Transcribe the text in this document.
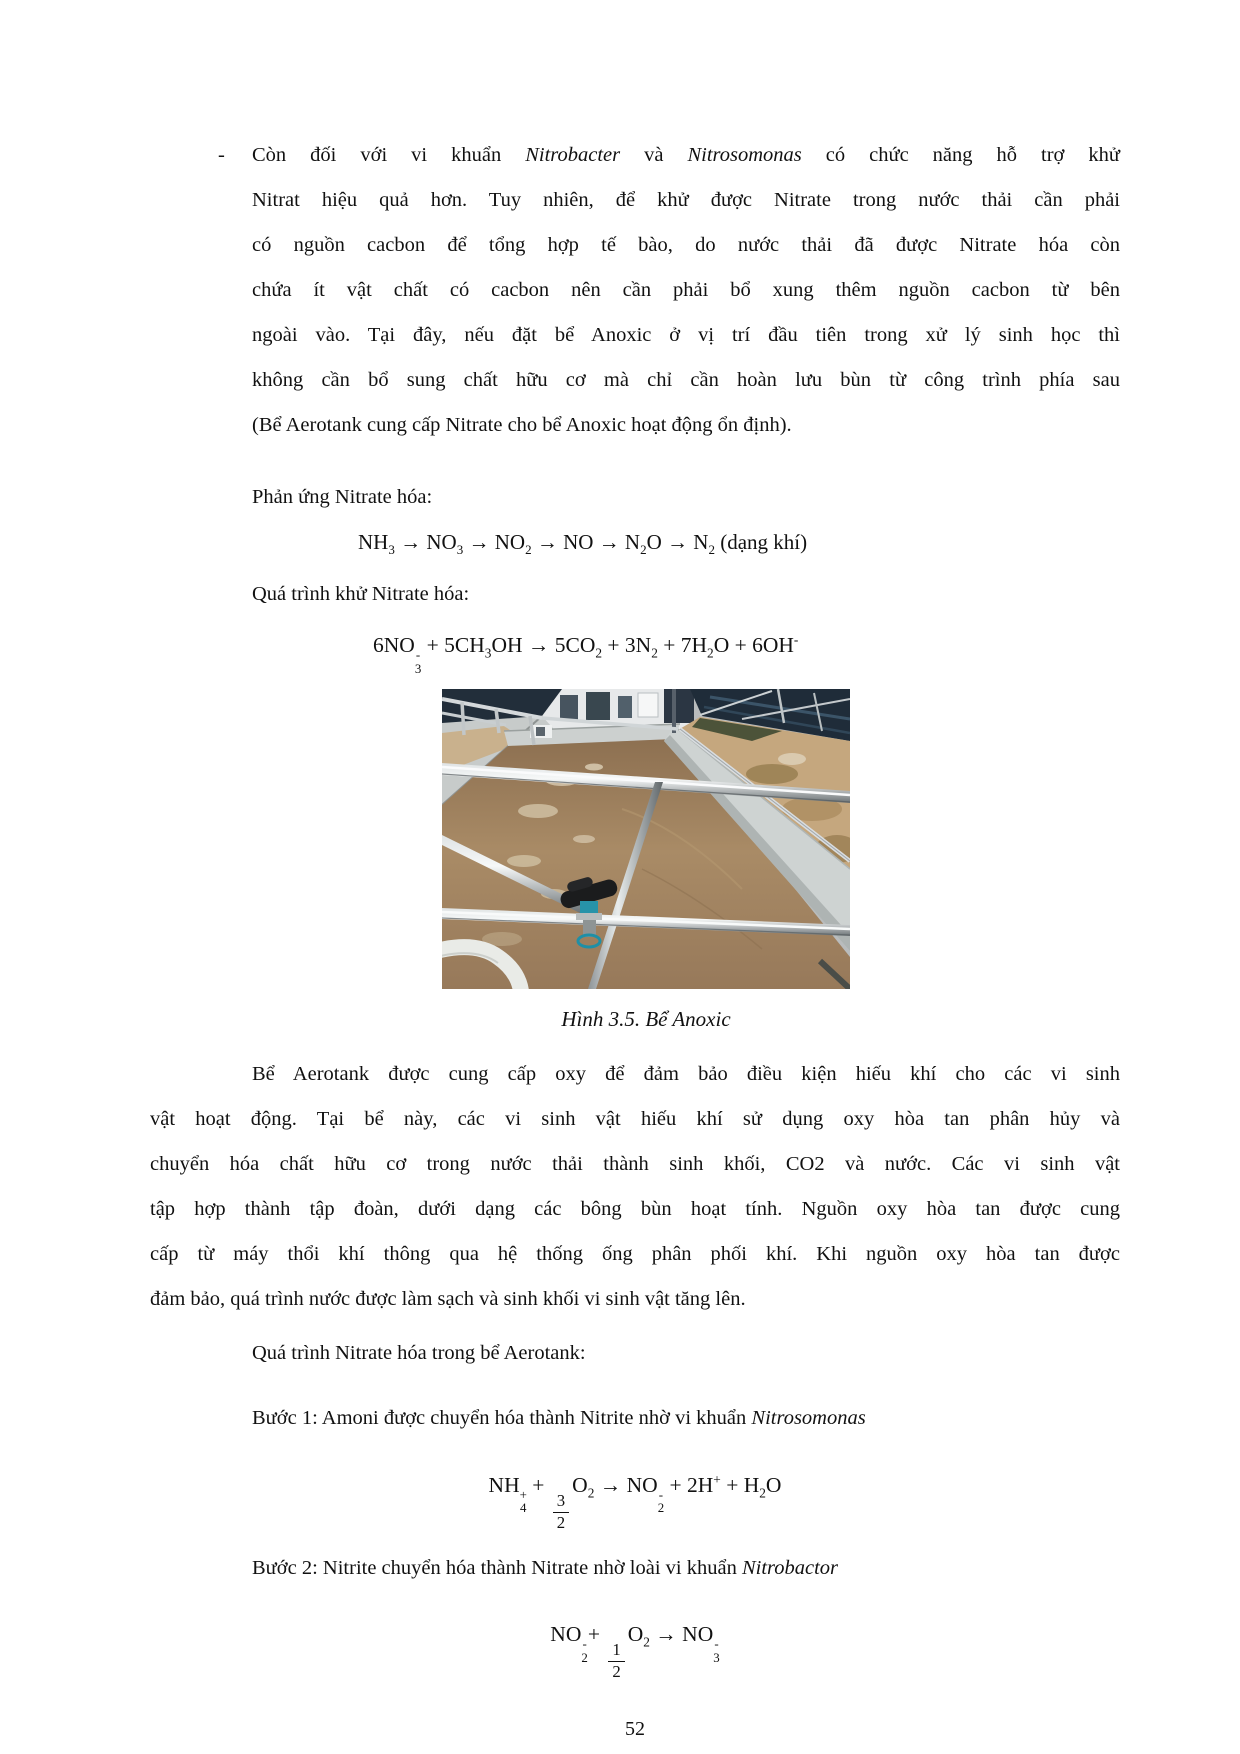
-	Còn đối với vi khuẩn Nitrobacter và Nitrosomonas có chức năng hỗ trợ khử
Nitrat hiệu quả hơn. Tuy nhiên, để khử được Nitrate trong nước thải cần phải
có nguồn cacbon để tổng hợp tế bào, do nước thải đã được Nitrate hóa còn
chứa ít vật chất có cacbon nên cần phải bổ xung thêm nguồn cacbon từ bên
ngoài vào. Tại đây, nếu đặt bể Anoxic ở vị trí đầu tiên trong xử lý sinh học thì
không cần bổ sung chất hữu cơ mà chỉ cần hoàn lưu bùn từ công trình phía sau
(Bể Aerotank cung cấp Nitrate cho bể Anoxic hoạt động ổn định).

Phản ứng Nitrate hóa:

$NH_3 \to NO_3 \to NO_2$ → NO → $N_2O \to N_2$ (dạng khí)

Quá trình khử Nitrate hóa:

6NO -
3
+ $5CH_3OH \to 5CO_2 + 3N_2 + 7H_2O + 6OH^-$
Hình 3.5. Bể Anoxic
Bể Aerotank được cung cấp oxy để đảm bảo điều kiện hiếu khí cho các vi sinh
vật hoạt động. Tại bể này, các vi sinh vật hiếu khí sử dụng oxy hòa tan phân hủy và
chuyển hóa chất hữu cơ trong nước thải thành sinh khối, CO2 và nước. Các vi sinh vật
tập hợp thành tập đoàn, dưới dạng các bông bùn hoạt tính. Nguồn oxy hòa tan được cung
cấp từ máy thổi khí thông qua hệ thống ống phân phối khí. Khi nguồn oxy hòa tan được
đảm bảo, quá trình nước được làm sạch và sinh khối vi sinh vật tăng lên.

Quá trình Nitrate hóa trong bể Aerotank:

Bước 1: Amoni được chuyển hóa thành Nitrite nhờ vi khuẩn Nitrosomonas

NH +
4
+
$\frac{3}{2}$
$O_2$ → NO -
2
+ $2H^+ + H_2O$

Bước 2: Nitrite chuyển hóa thành Nitrate nhờ loài vi khuẩn Nitrobactor

NO -
2
+
$\frac{1}{2}$
$O_2$ → NO -
3
52
